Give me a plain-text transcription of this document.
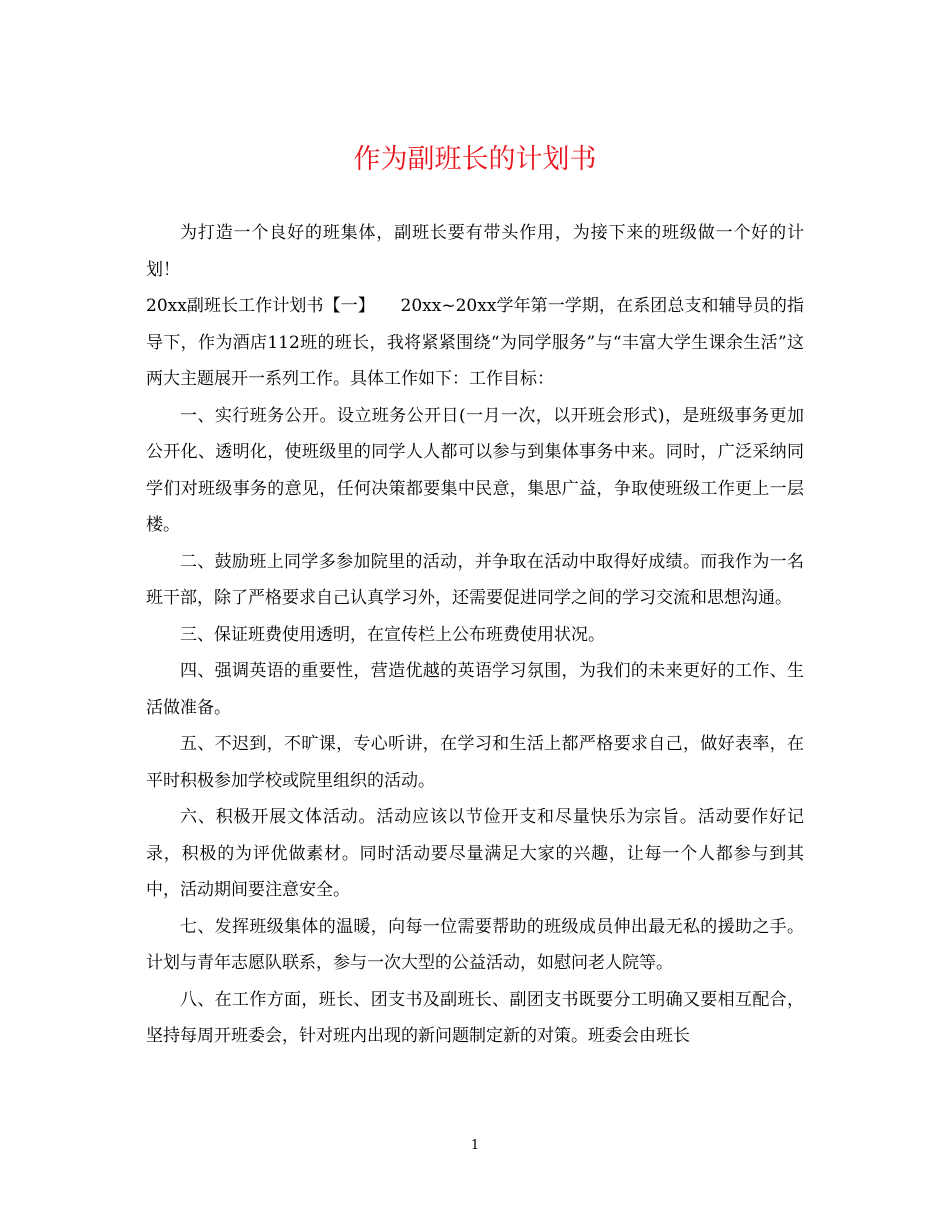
作为副班长的计划书

为打造一个良好的班集体，副班长要有带头作用，为接下来的班级做一个好的计划！

20xx副班长工作计划书【一】　　20xx~20xx学年第一学期，在系团总支和辅导员的指导下，作为酒店112班的班长，我将紧紧围绕“为同学服务”与“丰富大学生课余生活”这两大主题展开一系列工作。具体工作如下：工作目标：

一、实行班务公开。设立班务公开日(一月一次，以开班会形式)，是班级事务更加公开化、透明化，使班级里的同学人人都可以参与到集体事务中来。同时，广泛采纳同学们对班级事务的意见，任何决策都要集中民意，集思广益，争取使班级工作更上一层楼。

二、鼓励班上同学多参加院里的活动，并争取在活动中取得好成绩。而我作为一名班干部，除了严格要求自己认真学习外，还需要促进同学之间的学习交流和思想沟通。

三、保证班费使用透明，在宣传栏上公布班费使用状况。

四、强调英语的重要性，营造优越的英语学习氛围，为我们的未来更好的工作、生活做准备。

五、不迟到，不旷课，专心听讲，在学习和生活上都严格要求自己，做好表率，在平时积极参加学校或院里组织的活动。

六、积极开展文体活动。活动应该以节俭开支和尽量快乐为宗旨。活动要作好记录，积极的为评优做素材。同时活动要尽量满足大家的兴趣，让每一个人都参与到其中，活动期间要注意安全。

七、发挥班级集体的温暖，向每一位需要帮助的班级成员伸出最无私的援助之手。计划与青年志愿队联系，参与一次大型的公益活动，如慰问老人院等。

八、在工作方面，班长、团支书及副班长、副团支书既要分工明确又要相互配合，坚持每周开班委会，针对班内出现的新问题制定新的对策。班委会由班长

1
